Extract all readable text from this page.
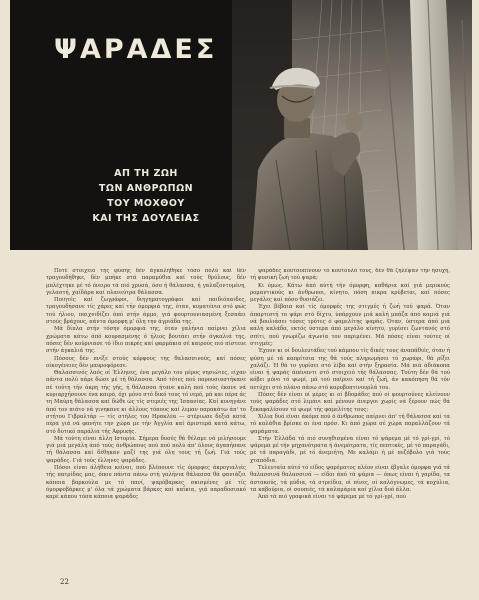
ΨΑΡΑΔΕΣ
ΑΠ ΤΗ ΖΩΗ
ΤΩΝ ΑΝΘΡΩΠΩΝ
ΤΟΥ ΜΟΧΘΟΥ
ΚΑΙ ΤΗΣ ΔΟΥΛΕΙΑΣ

Ποτέ στοιχειό τής φύσης δέν άγκαλήθηκε τόσο πολύ καί δέν τραγουδήθηκε, δέν μπήκε στά παραμύθια καί τούς θρύλους, δέν μπλέχτηκε μέ τό όνειρο τά πιό χρυσά, όσο ή θάλασσα, ή γαλαζοντυμένη, γελαστή, χαϊδάρα καί πλανεύτρα θάλασσα.

Ποιητές καί ζωγράφοι, διηγηματογράφοι καί παιδιόπαιδες, τραγουδήσανε τίς χάρες καί τήν όμορφιά της, όταν, κυματένια στό φώς τού ήλιου, παιχνιδίζει άπό στήν άμμο, γιά φουρτουνιασμένη ξεσπάει στούς βράχους, πάντα όμορφη μ' όλη την άγριάδα της.

Μά δίπλα στήν τόσην όμορφιά της, όταν γαλήνια παίρνει χίλια χρώματα κάτω άπό κουρασμένης ό ήλιος βουτάει στήν άγκαλιά της, πόσες δέν κούρνιασε τό ίδιο πικρές καί φαρμάκια σέ καιρούς πιό πίστευε στήν άγκαλιά της.

Πόσους δέν πνίξε στούς κόρφους της θαλασσινούς, καί πόσες οίκογένειες δέν μαυροφόρεσε.

Θαλασσινός λαός οί Έλληνες, ένα μεγάλο του μέρος νησιώτες, είχαν πάντα πολύ πάρε δώσε μέ τή θάλασσα. Από τότες πού παρουσιαστήκανε σέ τούτη τήν άκρη τής γής, ή θάλασσα ήτανε καλή πού τούς έκανε νά κυριαρχήσουνε ένα καιρό, όχι μόνο στό δικό τους τό νερό, μά και πέρα άς τη Μαύρη θάλασσα καί δώθε ώς τίς στεριές της Ίσπανίας. Καί κυνηγάνε άπό τον πιάτο νά γινηκανε κι άλλους τόπους καί λεμαν παρακάτω άπ' το στήτου Γιβραλτάρ — τίς στήλες του Ηρακλέα — στέριωσε δεξιά κατά πέρα γιά νά φανήτε την χώρα με τήν Άγγλία καί άριστερά κατά κάτω, στό δυτικό παράλια τής Άφρικής.

Μά τούτη είναι άλλη Ιστορία. Σήμερα δυσές θά θέλαμε νά μιλήσουμε γιά μιά μεγάλη άπό τούς άνθρώπους πού πού πολύ άπ' όλους άγαπήσανε τή θάλασσα καί δέθηκαν μαζί της γιά όλη τους τή ζωή. Γιά τούς ψαράδες. Γιά τούς έλληνες ψαράδες.

Πόσοι είναι άλήθεια κείνοι, πού βλέπουνε τίς όμορφες άκρογιαλιές τής πατρίδας μας, όπου πάντα πάνω στή γαλήνια θάλασσα θά φανιάζει κάποια βαρκούλα με τό πανί, ψαρόβαρκες σκισμένες μέ τίς όμορφοβάρκες μ' όλα τά χρώματα βάρκες καί καΐκια, γιά παραδοσιακό καρέ κάπου τόσα κάποια ψαράδες

ψαράδες κουτσοπίνουν τό κουτουλό τους, δέν θά ζηλέψαν τήν ήσυχη, τή φυσική ζωή τού ψαρά;

Κι όμως. Κάτω άπό αύτή τήν όμορφη, καθάρια καί γιά μερικούς ρομαντικούς κι άνθρωποι, κίνητο, πόση πικρα κρύβεται, καί πόσες μεγάλες καί πόσο θυσιάζει.

Έχει βέβαια καί τίς όμορφές της στιγμές ή ζωή τού ψαρά. Όταν άπαρτιστή το ψάρι στό δίχτυ, ύπάρχουν μιά καλή μπάζα άπό καμιά γιά νά βουλιάσει τόσες τρότες ό φαμελίτης ψαράς. Όταν, ύστερα άπό μιά καλή καλάδα, εκτός ύστερα άπό μεγάλο κίνητο, γυρίσει ζωντανός στό σπίτι, πού γνωρίζω άγωνία τον παριμένει. Μά πόσες είναι τούτες οί στιγμές;

Έχουν κι οί δουλευτάδες τού κάμπου τίς δικές τους άναπάθιές, όταν ή φύση μέ τά καπρίτσια της θά τούς πληρωμήσει τό χωράφι, θά ρίξει χαλάζι. Ή θά το γυρίσει στό λίβα καί στήν ξηρασία. Μά πιά άδιάκοπα είναι ή ψαράς άπέναντι στό στοιχειό τής θάλασσας. Τούτη δέν θά τού κόβει μόνο τό ψωμί, μά τού παίρνει καί τή ζωή, άν κακόπηση θά τόν πετύχει στό πλάνο πάνω στό καροβοπτινουρλά του.

Πόσες δέν είναι οί μέρες κι οί βδομάδες πού οί φουρτούνες κλείνουν τούς ψαράδες στό λιμάνι καί μένουν άνεργοι χωρίς νά ξέρουν πώς θά ξεκαφαλίσουν τό ψωμί τής φαμελίτης τους;

Χίλια δυό είναι άκόμα πού ό άνθρωπος παίρνει άπ' τή θάλασσα καί τα τό καλάθια βρίσκε αι ένα πρόσ. Κι άπό χώρα σέ χώρα παραλλάζουν τά ψαράματα.

Στήν Έλλάδα τά πιό συνηθισμένα είναι τό ψάρεμα μέ τό γρί-γρί, τό ψάρεμα μέ τήν μηχανότρατα ή άνεμότρατα, τίς πεπτικές, μέ τό παραγάδι, μέ τά παραγάδι, μέ τό άνεμιήτη. Με καλάμι ή μέ πεζόβολο γιά τούς χταπόδια.

Τελευταία αύτό τό είδος ψαρέματος πλέον είναι έβγαλε όμορφα γιά τά θαλασσινά θαλασσινά — είδοι άπό τά ψάρια — όπως είναι ή γαρίδα, τα άστακούς, τά μύδια, τά στρείδια, οί πίνες, οί καλόγνωμες, τά κοχύλια, τα καβούρια, οί σουπιές, τά καλαμάρια καί χίλια δυό άλλα.

Άπό τά πιό γραφικά είναι τό ψάρεμα μέ τό γρί-γρί, πού

22
